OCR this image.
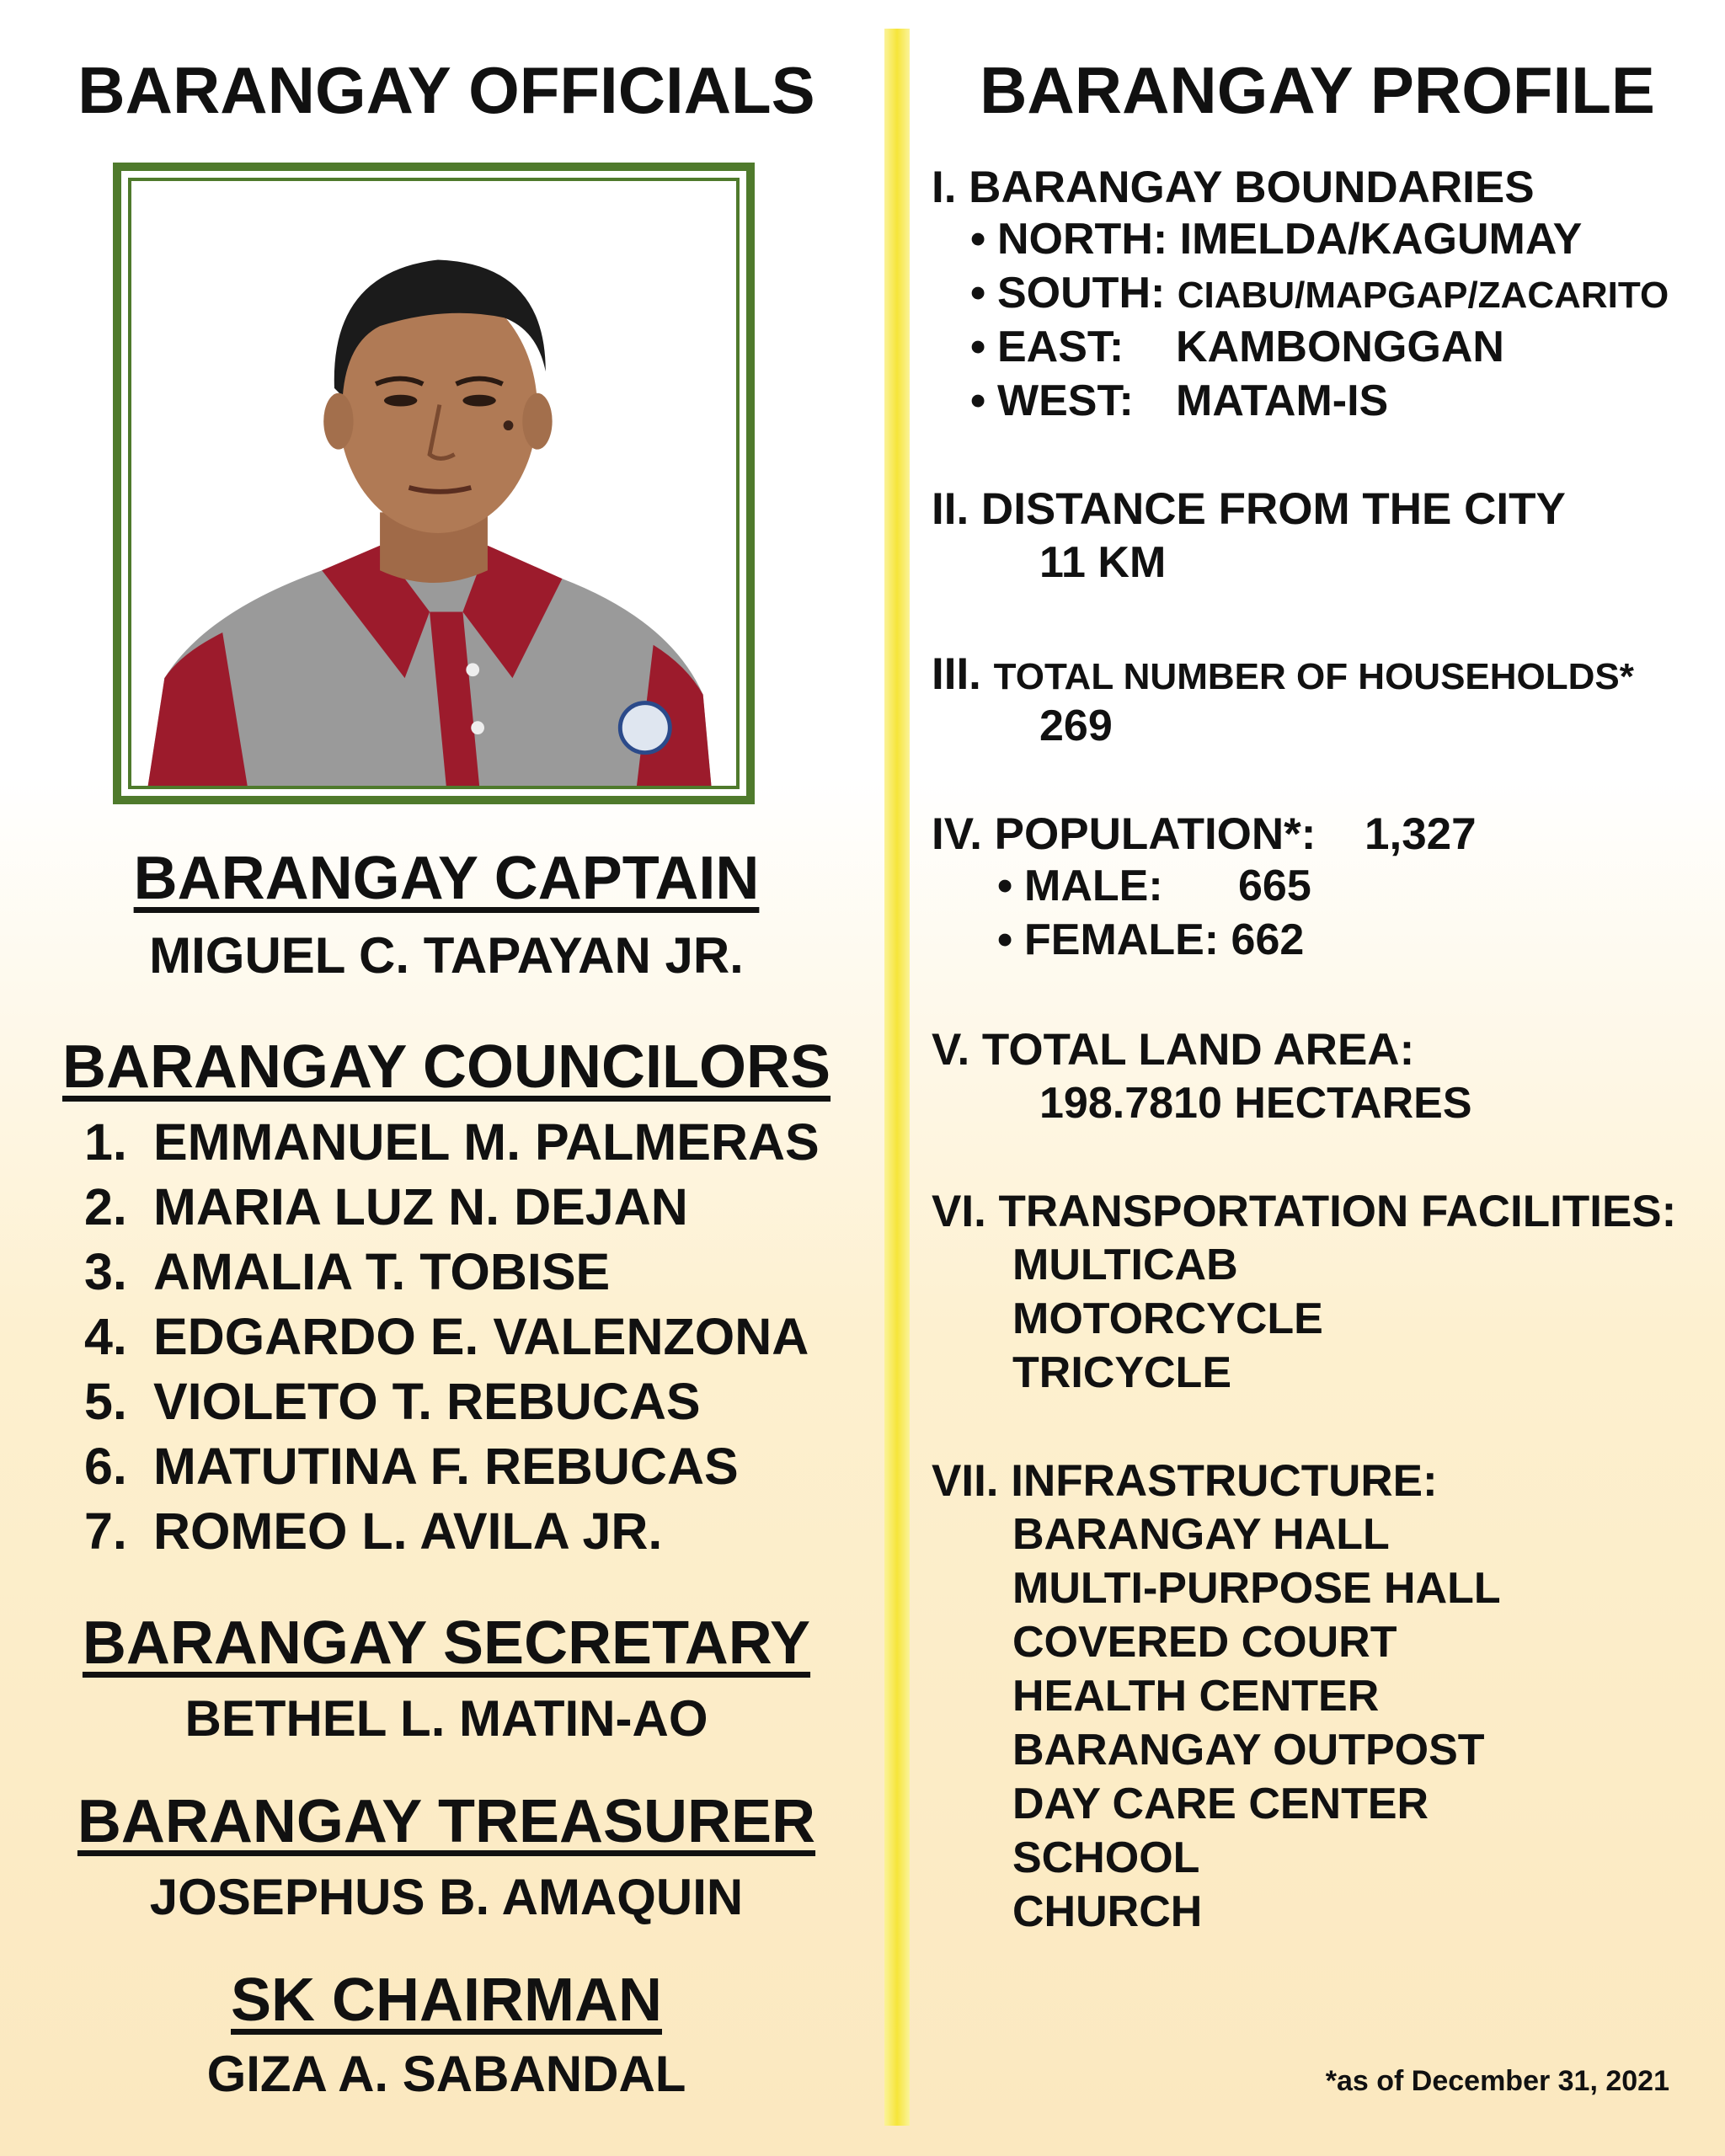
BARANGAY OFFICIALS
BARANGAY CAPTAIN
MIGUEL C. TAPAYAN JR.
BARANGAY COUNCILORS
1. EMMANUEL M. PALMERAS
2. MARIA LUZ N. DEJAN
3. AMALIA T. TOBISE
4. EDGARDO E. VALENZONA
5. VIOLETO T. REBUCAS
6. MATUTINA F. REBUCAS
7. ROMEO L. AVILA JR.
BARANGAY SECRETARY
BETHEL L. MATIN-AO
BARANGAY TREASURER
JOSEPHUS B. AMAQUIN
SK CHAIRMAN
GIZA A. SABANDAL
BARANGAY PROFILE
I. BARANGAY BOUNDARIES
• NORTH: IMELDA/KAGUMAY
• SOUTH: CIABU/MAPGAP/ZACARITO
• EAST: KAMBONGGAN
• WEST: MATAM-IS
II. DISTANCE FROM THE CITY
11 KM
III. TOTAL NUMBER OF HOUSEHOLDS*
269
IV. POPULATION*: 1,327
• MALE: 665
• FEMALE: 662
V. TOTAL LAND AREA:
198.7810 HECTARES
VI. TRANSPORTATION FACILITIES:
MULTICAB
MOTORCYCLE
TRICYCLE
VII. INFRASTRUCTURE:
BARANGAY HALL
MULTI-PURPOSE HALL
COVERED COURT
HEALTH CENTER
BARANGAY OUTPOST
DAY CARE CENTER
SCHOOL
CHURCH
*as of December 31, 2021
